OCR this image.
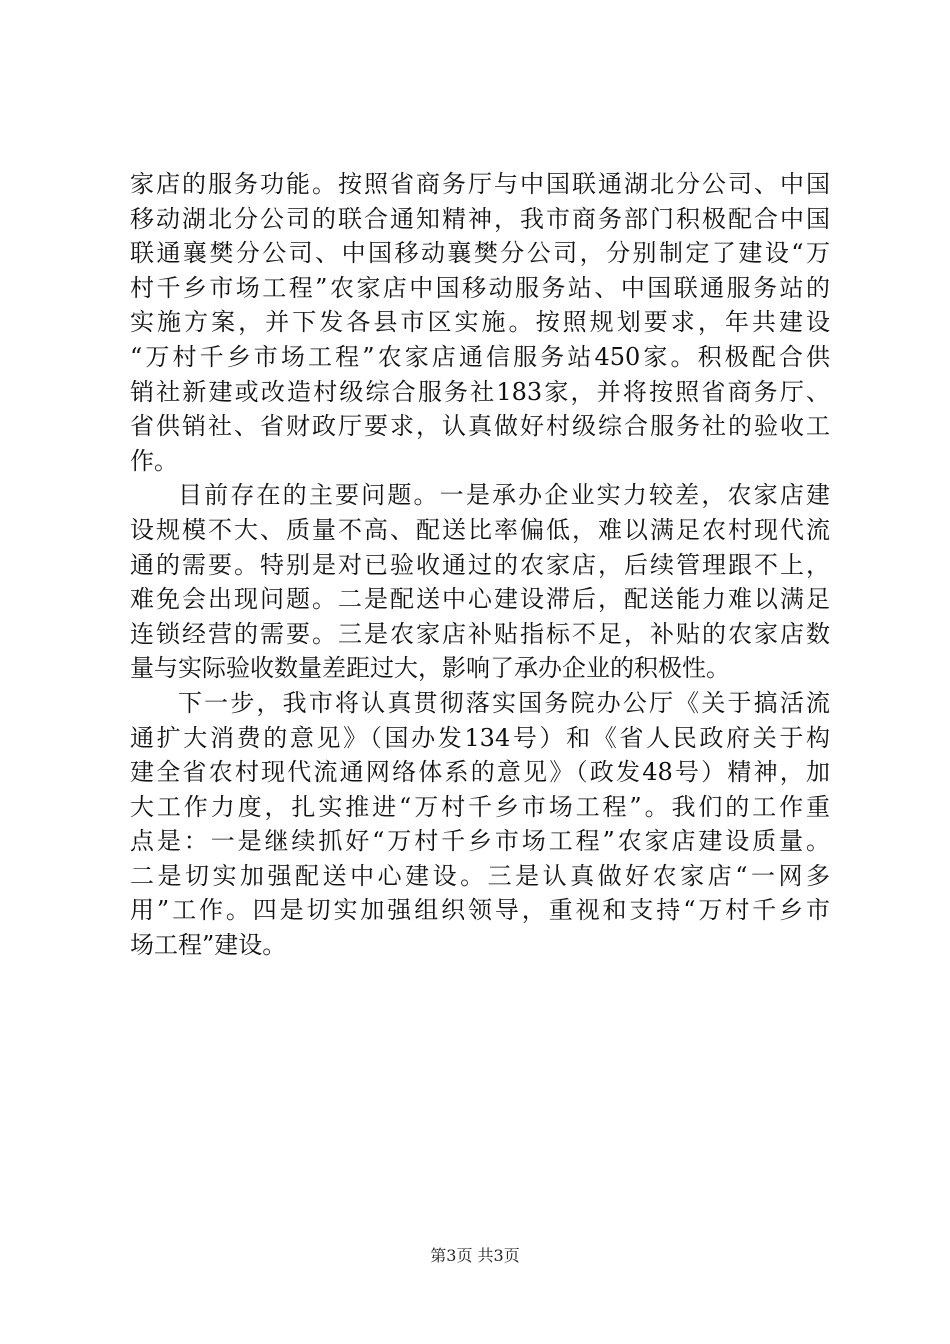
家店的服务功能。按照省商务厅与中国联通湖北分公司、中国
移动湖北分公司的联合通知精神，我市商务部门积极配合中国
联通襄樊分公司、中国移动襄樊分公司，分别制定了建设“万
村千乡市场工程”农家店中国移动服务站、中国联通服务站的
实施方案，并下发各县市区实施。按照规划要求，年共建设
“万村千乡市场工程”农家店通信服务站450家。积极配合供
销社新建或改造村级综合服务社183家，并将按照省商务厅、
省供销社、省财政厅要求，认真做好村级综合服务社的验收工
作。
目前存在的主要问题。一是承办企业实力较差，农家店建
设规模不大、质量不高、配送比率偏低，难以满足农村现代流
通的需要。特别是对已验收通过的农家店，后续管理跟不上，
难免会出现问题。二是配送中心建设滞后，配送能力难以满足
连锁经营的需要。三是农家店补贴指标不足，补贴的农家店数
量与实际验收数量差距过大，影响了承办企业的积极性。
下一步，我市将认真贯彻落实国务院办公厅《关于搞活流
通扩大消费的意见》（国办发134号）和《省人民政府关于构
建全省农村现代流通网络体系的意见》（政发48号）精神，加
大工作力度，扎实推进“万村千乡市场工程”。我们的工作重
点是：一是继续抓好“万村千乡市场工程”农家店建设质量。
二是切实加强配送中心建设。三是认真做好农家店“一网多
用”工作。四是切实加强组织领导，重视和支持“万村千乡市
场工程”建设。
第3页 共3页
